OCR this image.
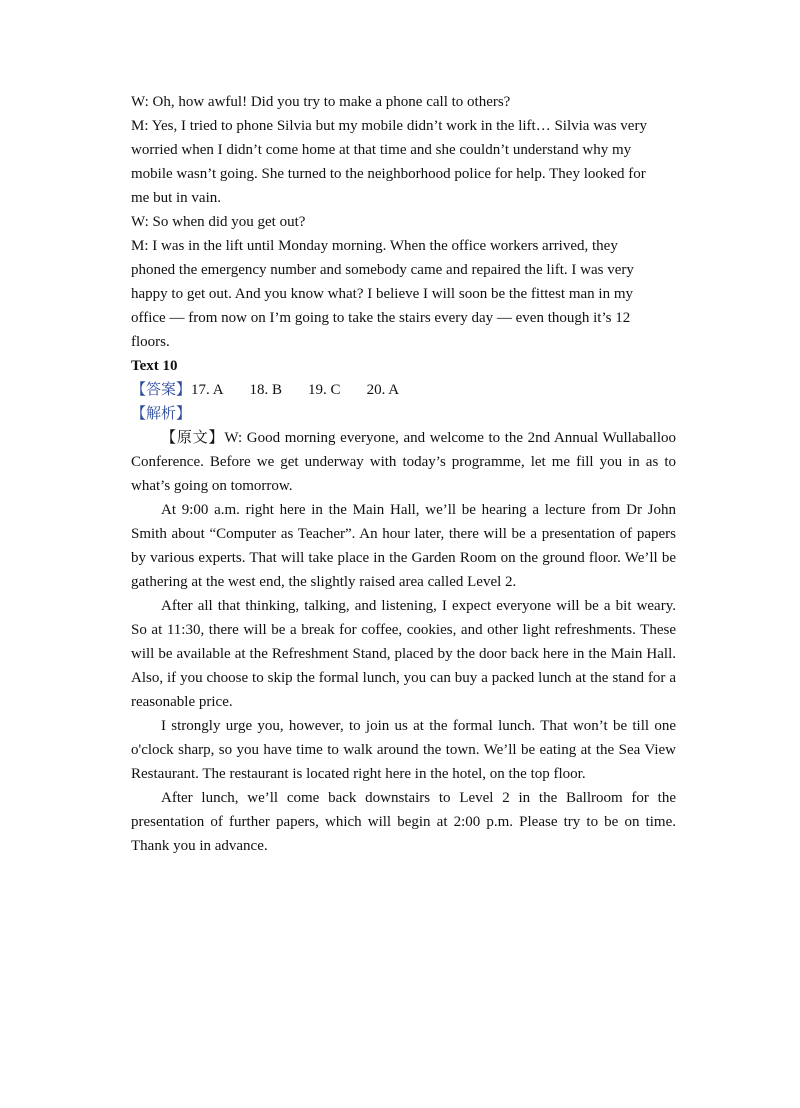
W: Oh, how awful! Did you try to make a phone call to others?

M: Yes, I tried to phone Silvia but my mobile didn’t work in the lift… Silvia was very

worried when I didn’t come home at that time and she couldn’t understand why my

mobile wasn’t going. She turned to the neighborhood police for help. They looked for

me but in vain.

W: So when did you get out?

M: I was in the lift until Monday morning. When the office workers arrived, they

phoned the emergency number and somebody came and repaired the lift. I was very

happy to get out. And you know what? I believe I will soon be the fittest man in my

office — from now on I’m going to take the stairs every day — even though it’s 12

floors.

Text 10

【答案】17. A 18. B 19. C 20. A

【解析】

【原文】W: Good morning everyone, and welcome to the 2nd Annual Wullaballoo Conference. Before we get underway with today’s programme, let me fill you in as to what’s going on tomorrow.

At 9:00 a.m. right here in the Main Hall, we’ll be hearing a lecture from Dr John Smith about “Computer as Teacher”. An hour later, there will be a presentation of papers by various experts. That will take place in the Garden Room on the ground floor. We’ll be gathering at the west end, the slightly raised area called Level 2.

After all that thinking, talking, and listening, I expect everyone will be a bit weary. So at 11:30, there will be a break for coffee, cookies, and other light refreshments. These will be available at the Refreshment Stand, placed by the door back here in the Main Hall. Also, if you choose to skip the formal lunch, you can buy a packed lunch at the stand for a reasonable price.

I strongly urge you, however, to join us at the formal lunch. That won’t be till one o'clock sharp, so you have time to walk around the town. We’ll be eating at the Sea View Restaurant. The restaurant is located right here in the hotel, on the top floor.

After lunch, we’ll come back downstairs to Level 2 in the Ballroom for the presentation of further papers, which will begin at 2:00 p.m. Please try to be on time. Thank you in advance.
